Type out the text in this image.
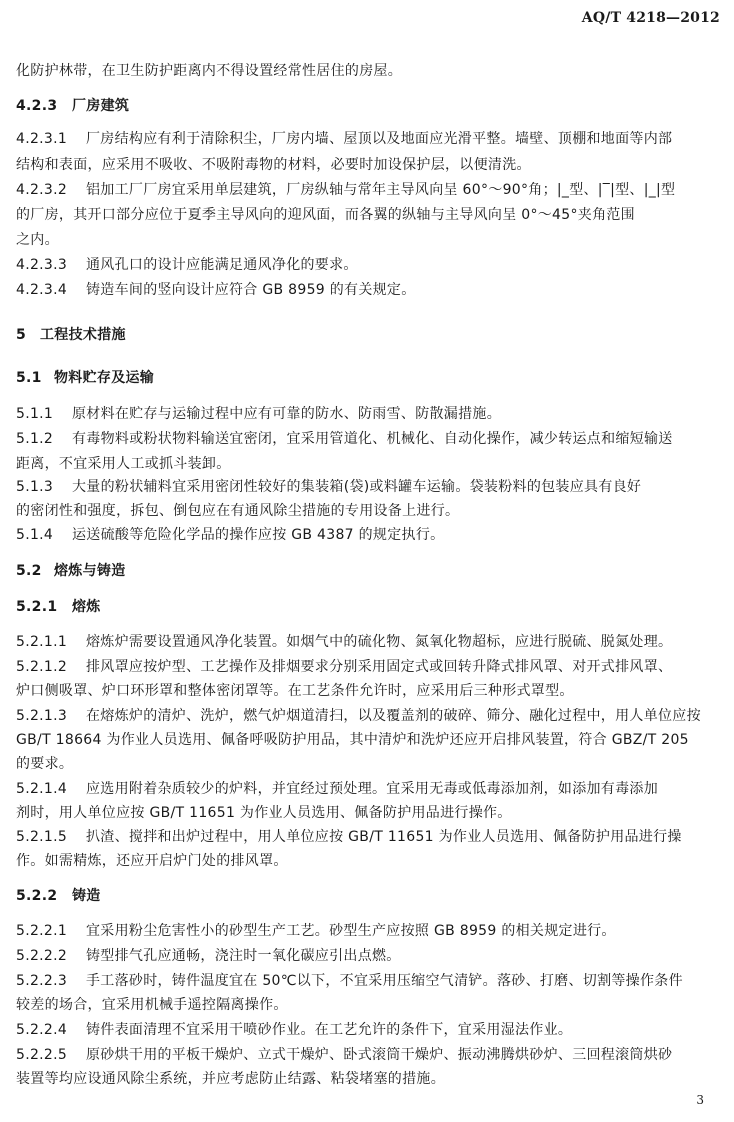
AQ/T 4218—2012
化防护林带，在卫生防护距离内不得设置经常性居住的房屋。
4.2.3 厂房建筑
4.2.3.1 厂房结构应有利于清除积尘，厂房内墙、屋顶以及地面应光滑平整。墙壁、顶棚和地面等内部
结构和表面，应采用不吸收、不吸附毒物的材料，必要时加设保护层，以便清洗。
4.2.3.2 铝加工厂厂房宜采用单层建筑，厂房纵轴与常年主导风向呈 60°～90°角；|_型、|‾|型、|_|型
的厂房，其开口部分应位于夏季主导风向的迎风面，而各翼的纵轴与主导风向呈 0°～45°夹角范围
之内。
4.2.3.3 通风孔口的设计应能满足通风净化的要求。
4.2.3.4 铸造车间的竖向设计应符合 GB 8959 的有关规定。
5 工程技术措施
5.1 物料贮存及运输
5.1.1 原材料在贮存与运输过程中应有可靠的防水、防雨雪、防散漏措施。
5.1.2 有毒物料或粉状物料输送宜密闭，宜采用管道化、机械化、自动化操作，减少转运点和缩短输送
距离，不宜采用人工或抓斗装卸。
5.1.3 大量的粉状辅料宜采用密闭性较好的集装箱(袋)或料罐车运输。袋装粉料的包装应具有良好
的密闭性和强度，拆包、倒包应在有通风除尘措施的专用设备上进行。
5.1.4 运送硫酸等危险化学品的操作应按 GB 4387 的规定执行。
5.2 熔炼与铸造
5.2.1 熔炼
5.2.1.1 熔炼炉需要设置通风净化装置。如烟气中的硫化物、氮氧化物超标，应进行脱硫、脱氮处理。
5.2.1.2 排风罩应按炉型、工艺操作及排烟要求分别采用固定式或回转升降式排风罩、对开式排风罩、
炉口侧吸罩、炉口环形罩和整体密闭罩等。在工艺条件允许时，应采用后三种形式罩型。
5.2.1.3 在熔炼炉的清炉、洗炉，燃气炉烟道清扫，以及覆盖剂的破碎、筛分、融化过程中，用人单位应按
GB/T 18664 为作业人员选用、佩备呼吸防护用品，其中清炉和洗炉还应开启排风装置，符合 GBZ/T 205
的要求。
5.2.1.4 应选用附着杂质较少的炉料，并宜经过预处理。宜采用无毒或低毒添加剂，如添加有毒添加
剂时，用人单位应按 GB/T 11651 为作业人员选用、佩备防护用品进行操作。
5.2.1.5 扒渣、搅拌和出炉过程中，用人单位应按 GB/T 11651 为作业人员选用、佩备防护用品进行操
作。如需精炼，还应开启炉门处的排风罩。
5.2.2 铸造
5.2.2.1 宜采用粉尘危害性小的砂型生产工艺。砂型生产应按照 GB 8959 的相关规定进行。
5.2.2.2 铸型排气孔应通畅，浇注时一氧化碳应引出点燃。
5.2.2.3 手工落砂时，铸件温度宜在 50℃以下，不宜采用压缩空气清铲。落砂、打磨、切割等操作条件
较差的场合，宜采用机械手遥控隔离操作。
5.2.2.4 铸件表面清理不宜采用干喷砂作业。在工艺允许的条件下，宜采用湿法作业。
5.2.2.5 原砂烘干用的平板干燥炉、立式干燥炉、卧式滚筒干燥炉、振动沸腾烘砂炉、三回程滚筒烘砂
装置等均应设通风除尘系统，并应考虑防止结露、粘袋堵塞的措施。
3
